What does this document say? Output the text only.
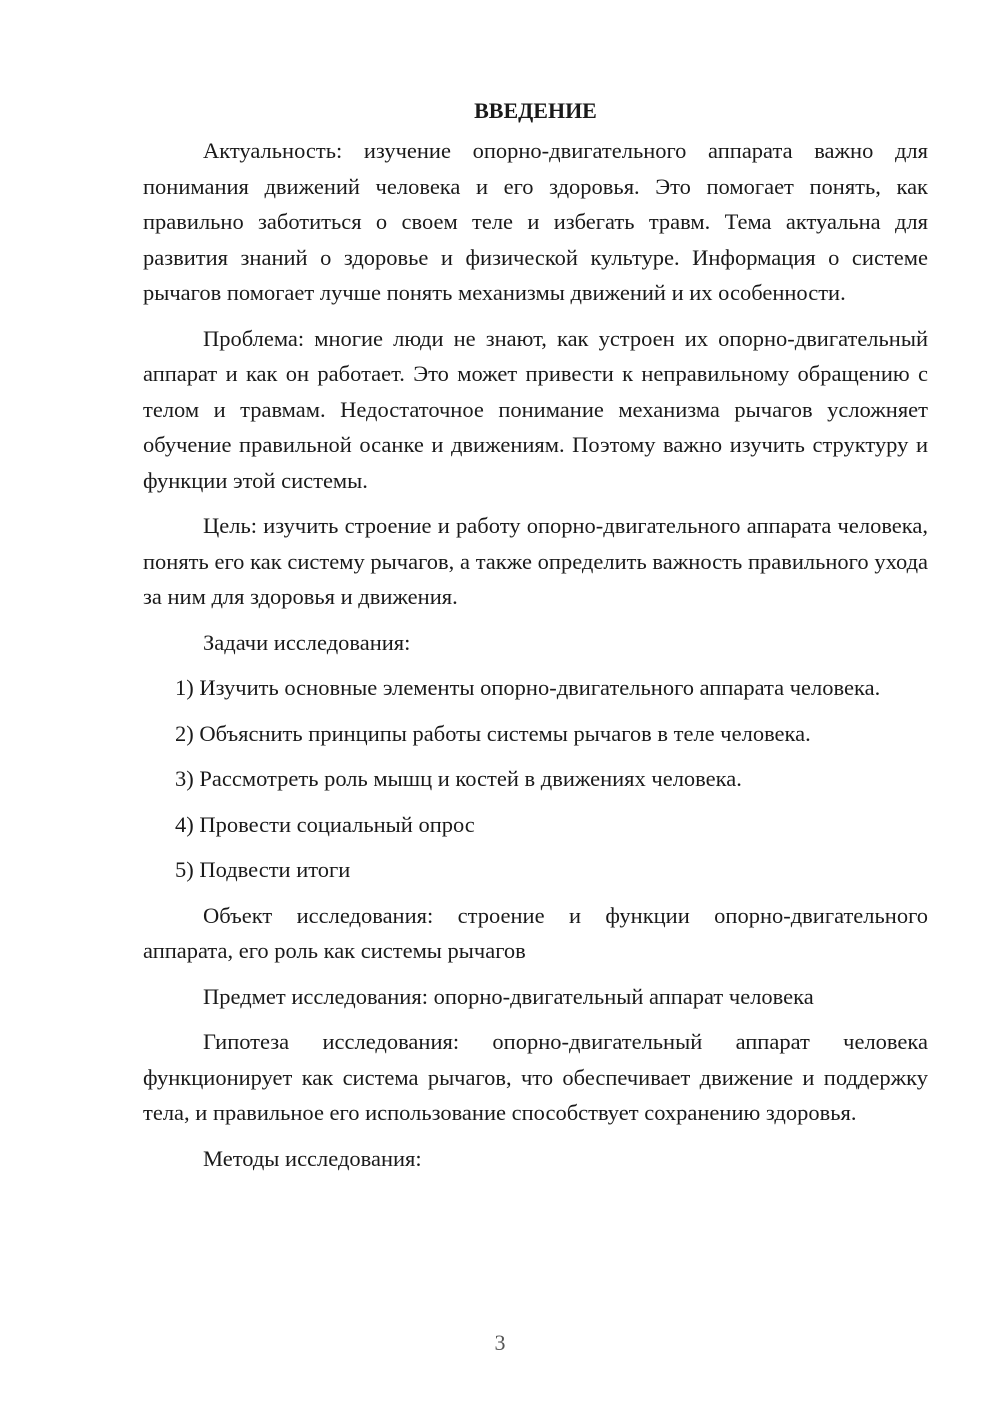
ВВЕДЕНИЕ

Актуальность: изучение опорно-двигательного аппарата важно для понимания движений человека и его здоровья. Это помогает понять, как правильно заботиться о своем теле и избегать травм. Тема актуальна для развития знаний о здоровье и физической культуре. Информация о системе рычагов помогает лучше понять механизмы движений и их особенности.

Проблема: многие люди не знают, как устроен их опорно-двигательный аппарат и как он работает. Это может привести к неправильному обращению с телом и травмам. Недостаточное понимание механизма рычагов усложняет обучение правильной осанке и движениям. Поэтому важно изучить структуру и функции этой системы.

Цель: изучить строение и работу опорно-двигательного аппарата человека, понять его как систему рычагов, а также определить важность правильного ухода за ним для здоровья и движения.

Задачи исследования:

1) Изучить основные элементы опорно-двигательного аппарата человека.

2) Объяснить принципы работы системы рычагов в теле человека.

3) Рассмотреть роль мышц и костей в движениях человека.

4) Провести социальный опрос

5) Подвести итоги

Объект исследования: строение и функции опорно-двигательного аппарата, его роль как системы рычагов

Предмет исследования: опорно-двигательный аппарат человека

Гипотеза исследования: опорно-двигательный аппарат человека функционирует как система рычагов, что обеспечивает движение и поддержку тела, и правильное его использование способствует сохранению здоровья.

Методы исследования:

3
